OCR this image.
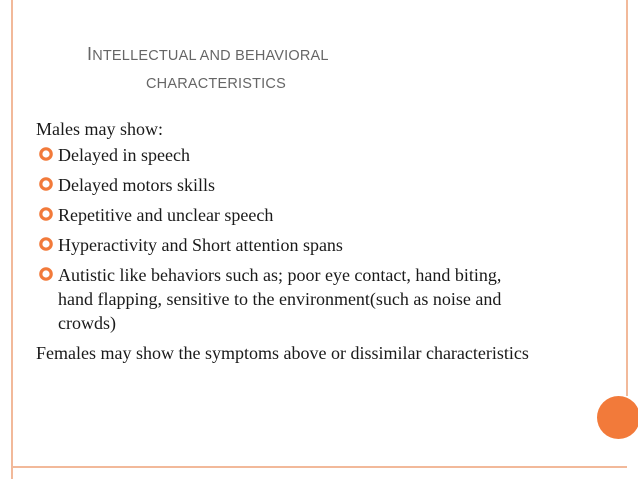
INTELLECTUAL AND BEHAVIORAL
CHARACTERISTICS

Males may show:

Delayed in speech
Delayed motors skills
Repetitive and unclear speech
Hyperactivity and Short attention spans
Autistic like behaviors such as; poor eye contact, hand biting, hand flapping, sensitive to the environment(such as noise and crowds)

Females may show the symptoms above or dissimilar characteristics
